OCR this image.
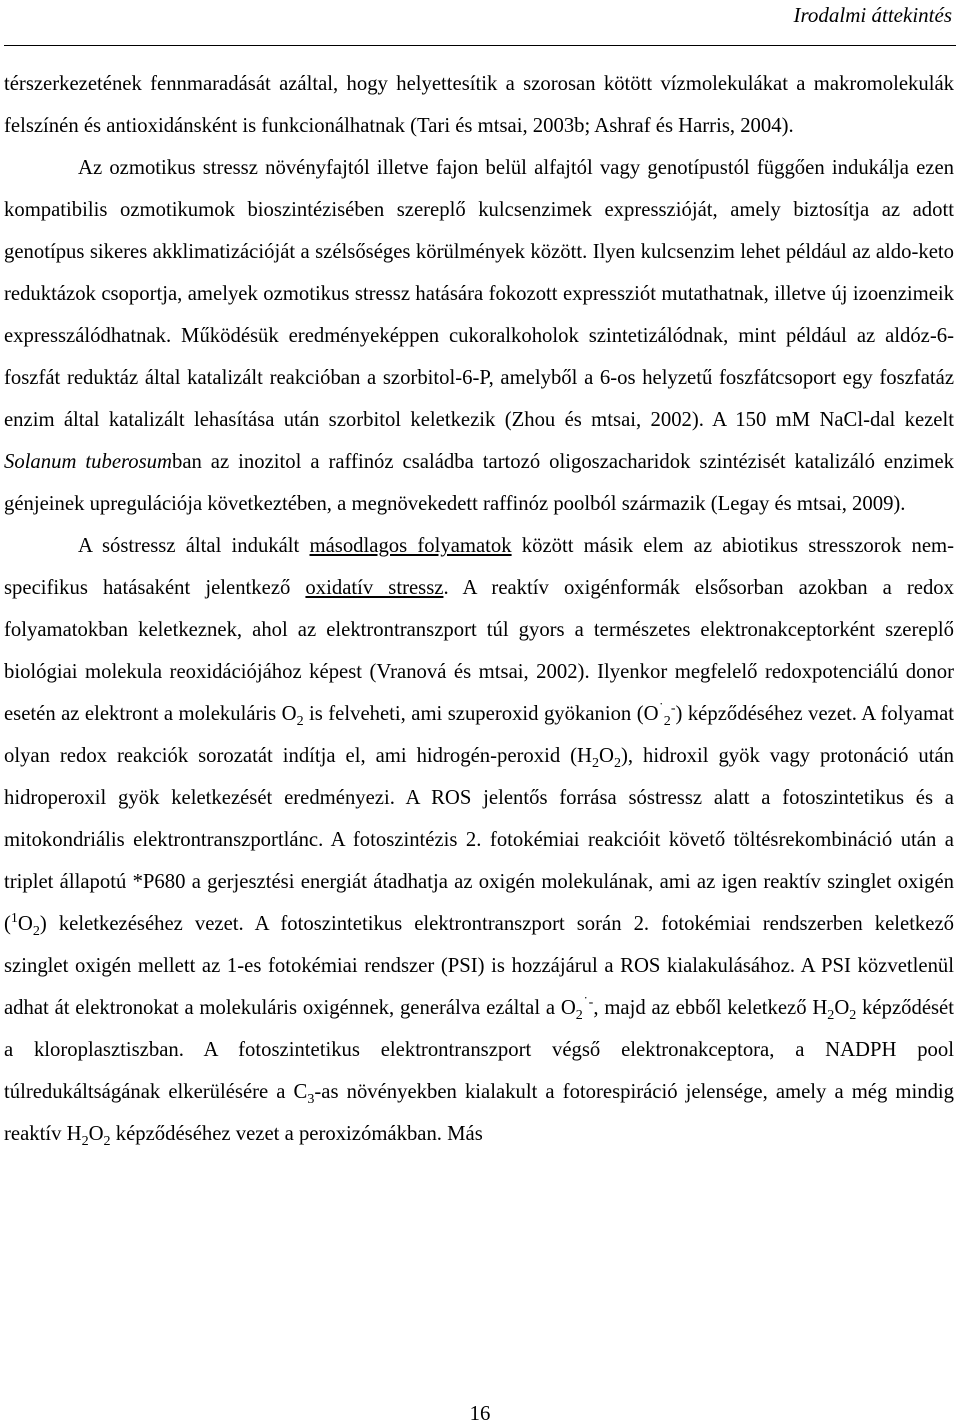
Irodalmi áttekintés

térszerkezetének fennmaradását azáltal, hogy helyettesítik a szorosan kötött vízmolekulákat a makromolekulák felszínén és antioxidánsként is funkcionálhatnak (Tari és mtsai, 2003b; Ashraf és Harris, 2004).

Az ozmotikus stressz növényfajtól illetve fajon belül alfajtól vagy genotípustól függően indukálja ezen kompatibilis ozmotikumok bioszintézisében szereplő kulcsenzimek expresszióját, amely biztosítja az adott genotípus sikeres akklimatizációját a szélsőséges körülmények között. Ilyen kulcsenzim lehet például az aldo-keto reduktázok csoportja, amelyek ozmotikus stressz hatására fokozott expressziót mutathatnak, illetve új izoenzimeik expresszálódhatnak. Működésük eredményeképpen cukoralkoholok szintetizálódnak, mint például az aldóz-6-foszfát reduktáz által katalizált reakcióban a szorbitol-6-P, amelyből a 6-os helyzetű foszfátcsoport egy foszfatáz enzim által katalizált lehasítása után szorbitol keletkezik (Zhou és mtsai, 2002). A 150 mM NaCl-dal kezelt Solanum tuberosumban az inozitol a raffinóz családba tartozó oligoszacharidok szintézisét katalizáló enzimek génjeinek upregulációja következtében, a megnövekedett raffinóz poolból származik (Legay és mtsai, 2009).

A sóstressz által indukált másodlagos folyamatok között másik elem az abiotikus stresszorok nem-specifikus hatásaként jelentkező oxidatív stressz. A reaktív oxigénformák elsősorban azokban a redox folyamatokban keletkeznek, ahol az elektrontranszport túl gyors a természetes elektronakceptorként szereplő biológiai molekula reoxidációjához képest (Vranová és mtsai, 2002). Ilyenkor megfelelő redoxpotenciálú donor esetén az elektront a molekuláris $O_2$ is felveheti, ami szuperoxid gyökanion $(O^˙_2^-)$ képződéséhez vezet. A folyamat olyan redox reakciók sorozatát indítja el, ami hidrogén-peroxid $(H_2O_2)$, hidroxil gyök vagy protonáció után hidroperoxil gyök keletkezését eredményezi. A ROS jelentős forrása sóstressz alatt a fotoszintetikus és a mitokondriális elektrontranszportlánc. A fotoszintézis 2. fotokémiai reakcióit követő töltésrekombináció után a triplet állapotú *P680 a gerjesztési energiát átadhatja az oxigén molekulának, ami az igen reaktív szinglet oxigén $(^1O_2)$ keletkezéséhez vezet. A fotoszintetikus elektrontranszport során 2. fotokémiai rendszerben keletkező szinglet oxigén mellett az 1-es fotokémiai rendszer (PSI) is hozzájárul a ROS kialakulásához. A PSI közvetlenül adhat át elektronokat a molekuláris oxigénnek, generálva ezáltal a $O_2^{˙-}$, majd az ebből keletkező $H_2O_2$ képződését a kloroplasztiszban. A fotoszintetikus elektrontranszport végső elektronakceptora, a NADPH pool túlredukáltságának elkerülésére a $C_3-as$ növényekben kialakult a fotorespiráció jelensége, amely a még mindig reaktív $H_2O_2$ képződéséhez vezet a peroxizómákban. Más

16
